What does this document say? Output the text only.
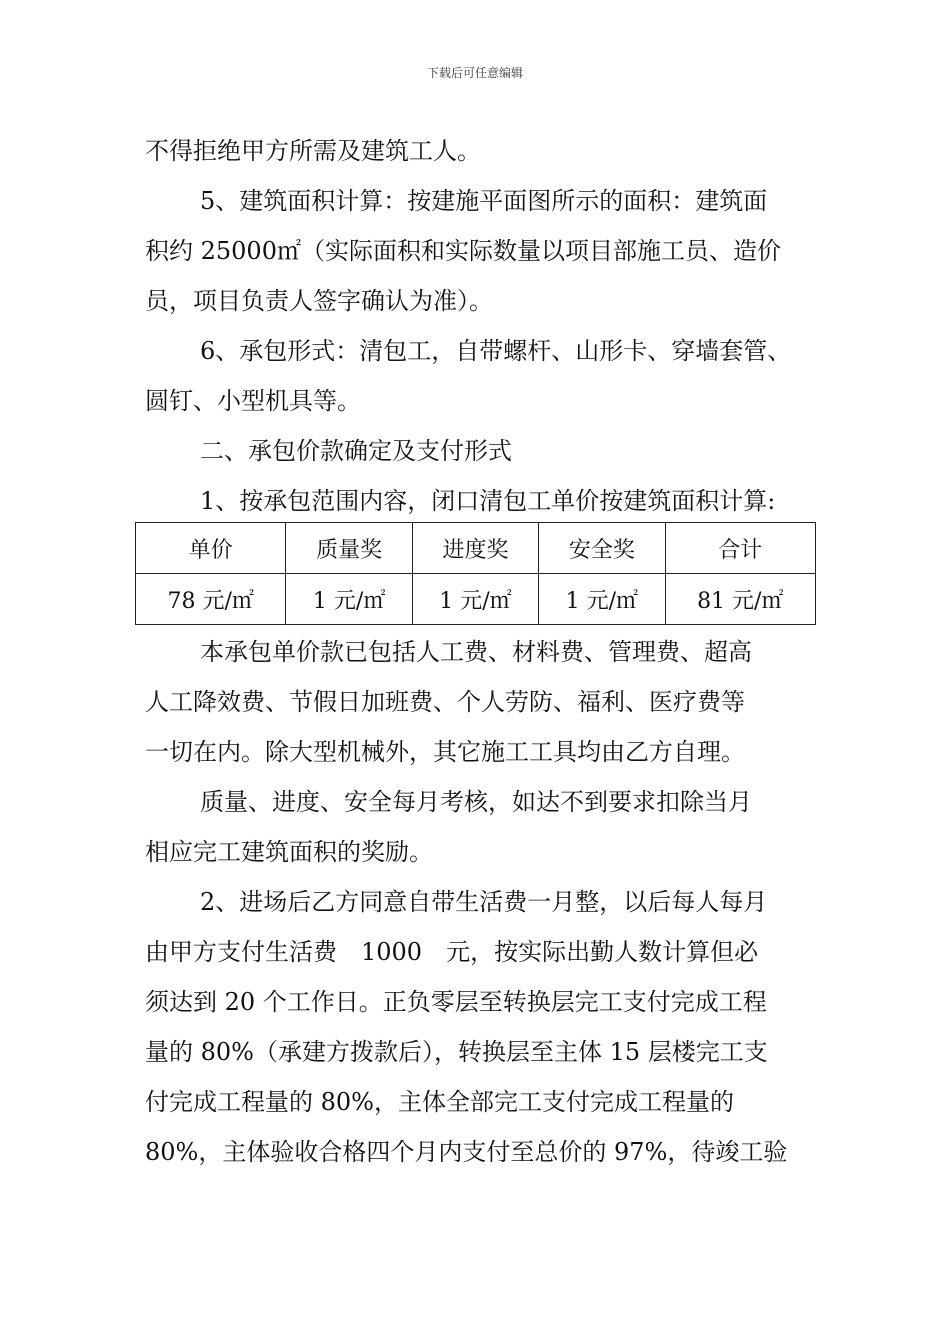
下载后可任意编辑
不得拒绝甲方所需及建筑工人。
5、建筑面积计算：按建施平面图所示的面积：建筑面
积约 25000㎡（实际面积和实际数量以项目部施工员、造价
员，项目负责人签字确认为准）。
6、承包形式：清包工，自带螺杆、山形卡、穿墙套管、
圆钉、小型机具等。
二、承包价款确定及支付形式
1、按承包范围内容，闭口清包工单价按建筑面积计算:
本承包单价款已包括人工费、材料费、管理费、超高
人工降效费、节假日加班费、个人劳防、福利、医疗费等
一切在内。除大型机械外，其它施工工具均由乙方自理。
质量、进度、安全每月考核，如达不到要求扣除当月
相应完工建筑面积的奖励。
2、进场后乙方同意自带生活费一月整，以后每人每月
由甲方支付生活费　1000　元，按实际出勤人数计算但必
须达到 20 个工作日。正负零层至转换层完工支付完成工程
量的 80%（承建方拨款后），转换层至主体 15 层楼完工支
付完成工程量的 80%，主体全部完工支付完成工程量的
80%，主体验收合格四个月内支付至总价的 97%，待竣工验
单价	质量奖	进度奖	安全奖	合计
78 元/㎡	1 元/㎡	1 元/㎡	1 元/㎡	81 元/㎡
